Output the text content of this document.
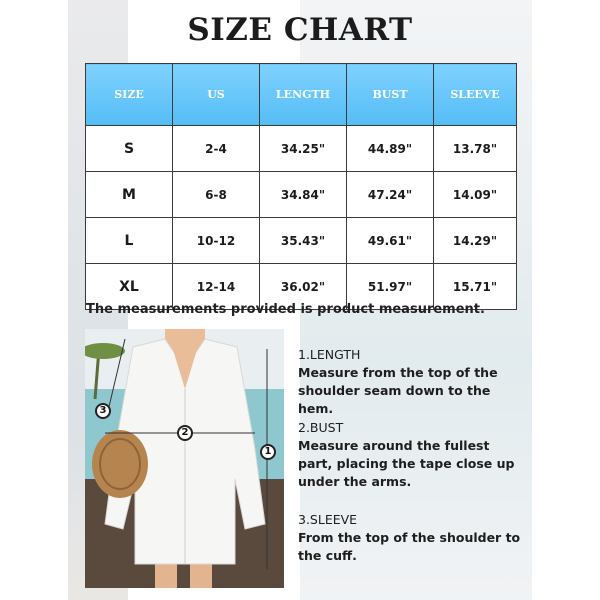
SIZE CHART
SIZE	US	LENGTH	BUST	SLEEVE
S	2-4	34.25"	44.89"	13.78"
M	6-8	34.84"	47.24"	14.09"
L	10-12	35.43"	49.61"	14.29"
XL	12-14	36.02"	51.97"	15.71"
The measurements provided is product measurement.
3
2
1
1.LENGTH
Measure from the top of the shoulder seam down to the hem.
2.BUST
Measure around the fullest part, placing the tape close up under the arms.
3.SLEEVE
From the top of the shoulder to the cuff.
